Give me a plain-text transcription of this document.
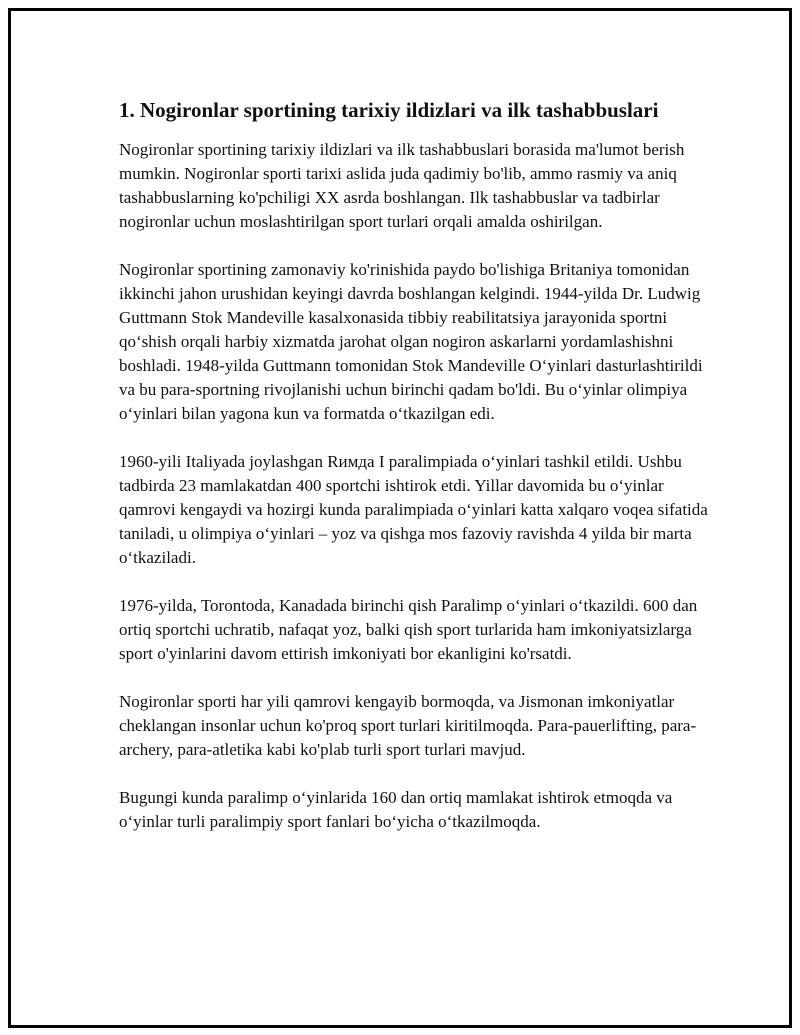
1. Nogironlar sportining tarixiy ildizlari va ilk tashabbuslari

Nogironlar sportining tarixiy ildizlari va ilk tashabbuslari borasida ma'lumot berish mumkin. Nogironlar sporti tarixi aslida juda qadimiy bo'lib, ammo rasmiy va aniq tashabbuslarning ko'pchiligi XX asrda boshlangan. Ilk tashabbuslar va tadbirlar nogironlar uchun moslashtirilgan sport turlari orqali amalda oshirilgan.

Nogironlar sportining zamonaviy ko'rinishida paydo bo'lishiga Britaniya tomonidan ikkinchi jahon urushidan keyingi davrda boshlangan kelgindi. 1944-yilda Dr. Ludwig Guttmann Stok Mandeville kasalxonasida tibbiy reabilitatsiya jarayonida sportni qo‘shish orqali harbiy xizmatda jarohat olgan nogiron askarlarni yordamlashishni boshladi. 1948-yilda Guttmann tomonidan Stok Mandeville O‘yinlari dasturlashtirildi va bu para-sportning rivojlanishi uchun birinchi qadam bo'ldi. Bu o‘yinlar olimpiya o‘yinlari bilan yagona kun va formatda o‘tkazilgan edi.

1960-yili Italiyada joylashgan Rимда I paralimpiada o‘yinlari tashkil etildi. Ushbu tadbirda 23 mamlakatdan 400 sportchi ishtirok etdi. Yillar davomida bu o‘yinlar qamrovi kengaydi va hozirgi kunda paralimpiada o‘yinlari katta xalqaro voqea sifatida taniladi, u olimpiya o‘yinlari – yoz va qishga mos fazoviy ravishda 4 yilda bir marta o‘tkaziladi.

1976-yilda, Torontoda, Kanadada birinchi qish Paralimp o‘yinlari o‘tkazildi. 600 dan ortiq sportchi uchratib, nafaqat yoz, balki qish sport turlarida ham imkoniyatsizlarga sport o'yinlarini davom ettirish imkoniyati bor ekanligini ko'rsatdi.

Nogironlar sporti har yili qamrovi kengayib bormoqda, va Jismonan imkoniyatlar cheklangan insonlar uchun ko'proq sport turlari kiritilmoqda. Para-pauerlifting, para-archery, para-atletika kabi ko'plab turli sport turlari mavjud.

Bugungi kunda paralimp o‘yinlarida 160 dan ortiq mamlakat ishtirok etmoqda va o‘yinlar turli paralimpiy sport fanlari bo‘yicha o‘tkazilmoqda.
